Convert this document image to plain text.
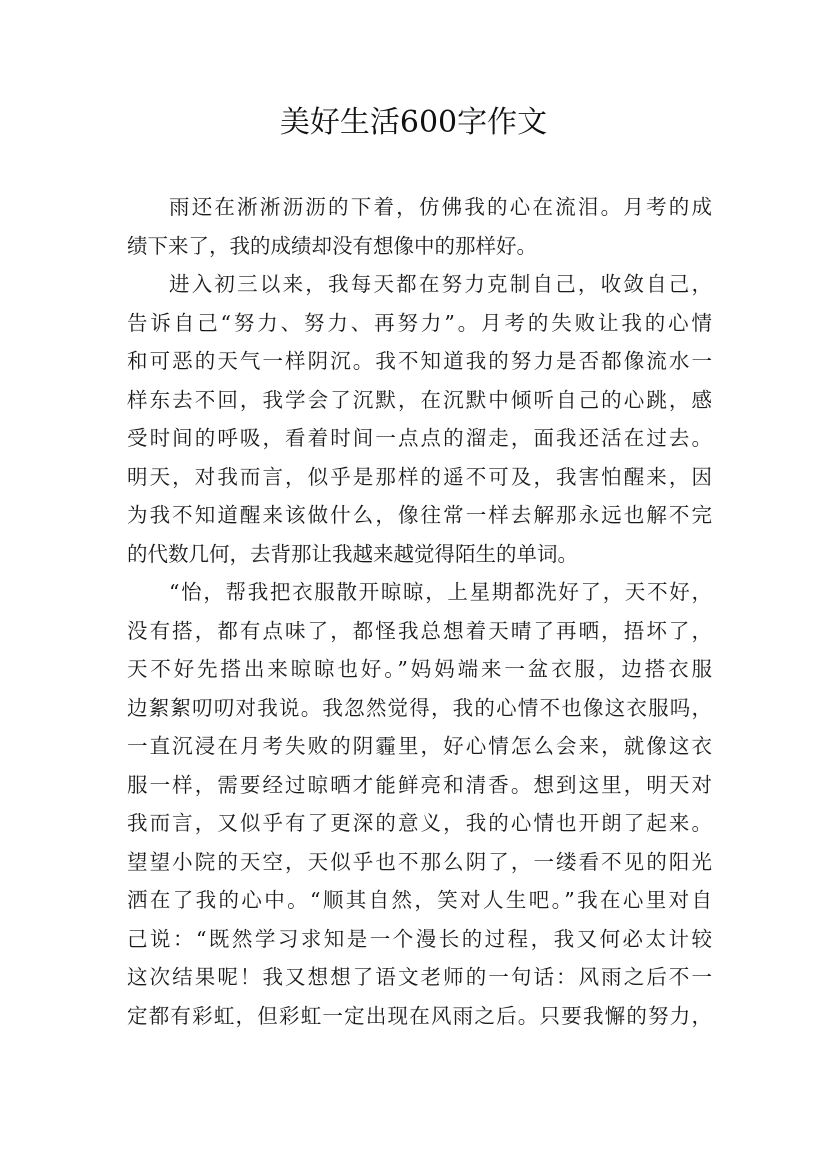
美好生活600字作文
雨还在淅淅沥沥的下着，仿佛我的心在流泪。月考的成
绩下来了，我的成绩却没有想像中的那样好。
进入初三以来，我每天都在努力克制自己，收敛自己，
告诉自己“努力、努力、再努力”。月考的失败让我的心情
和可恶的天气一样阴沉。我不知道我的努力是否都像流水一
样东去不回，我学会了沉默，在沉默中倾听自己的心跳，感
受时间的呼吸，看着时间一点点的溜走，面我还活在过去。
明天，对我而言，似乎是那样的遥不可及，我害怕醒来，因
为我不知道醒来该做什么，像往常一样去解那永远也解不完
的代数几何，去背那让我越来越觉得陌生的单词。
“怡，帮我把衣服散开晾晾，上星期都洗好了，天不好，
没有搭，都有点味了，都怪我总想着天晴了再晒，捂坏了，
天不好先搭出来晾晾也好。”妈妈端来一盆衣服，边搭衣服
边絮絮叨叨对我说。我忽然觉得，我的心情不也像这衣服吗，
一直沉浸在月考失败的阴霾里，好心情怎么会来，就像这衣
服一样，需要经过晾晒才能鲜亮和清香。想到这里，明天对
我而言，又似乎有了更深的意义，我的心情也开朗了起来。
望望小院的天空，天似乎也不那么阴了，一缕看不见的阳光
洒在了我的心中。“顺其自然，笑对人生吧。”我在心里对自
己说：“既然学习求知是一个漫长的过程，我又何必太计较
这次结果呢！我又想想了语文老师的一句话：风雨之后不一
定都有彩虹，但彩虹一定出现在风雨之后。只要我懈的努力，
